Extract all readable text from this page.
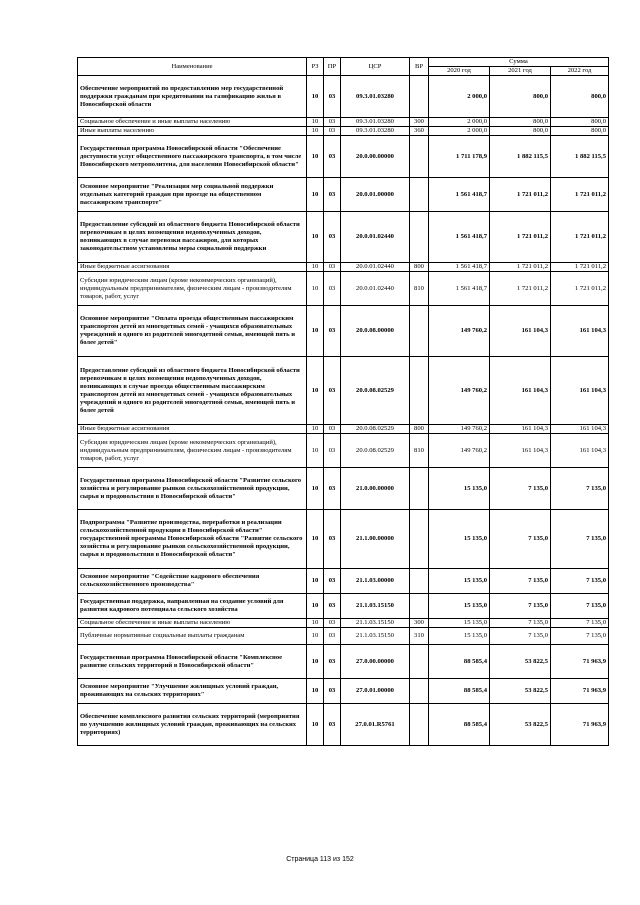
Наименование	РЗ	ПР	ЦСР	ВР	Сумма		
					2020 год	2021 год	2022 год
Обеспечение мероприятий по предоставлению мер государственной поддержки гражданам при кредитовании на газификацию жилья в Новосибирской области	10	03	09.3.01.03280		2 000,0	800,0	800,0
Социальное обеспечение и иные выплаты населению	10	03	09.3.01.03280	300	2 000,0	800,0	800,0
Иные выплаты населению	10	03	09.3.01.03280	360	2 000,0	800,0	800,0
Государственная программа Новосибирской области "Обеспечение доступности услуг общественного пассажирского транспорта, в том числе Новосибирского метрополитена, для населения Новосибирской области"	10	03	20.0.00.00000		1 711 178,9	1 882 115,5	1 882 115,5
Основное мероприятие "Реализация мер социальной поддержки отдельных категорий граждан при проезде на общественном пассажирском транспорте"	10	03	20.0.01.00000		1 561 418,7	1 721 011,2	1 721 011,2
Предоставление субсидий из областного бюджета Новосибирской области перевозчикам в целях возмещения недополученных доходов, возникающих в случае перевозки пассажиров, для которых законодательством установлены меры социальной поддержки	10	03	20.0.01.02440		1 561 418,7	1 721 011,2	1 721 011,2
Иные бюджетные ассигнования	10	03	20.0.01.02440	800	1 561 418,7	1 721 011,2	1 721 011,2
Субсидии юридическим лицам (кроме некоммерческих организаций), индивидуальным предпринимателям, физическим лицам - производителям товаров, работ, услуг	10	03	20.0.01.02440	810	1 561 418,7	1 721 011,2	1 721 011,2
Основное мероприятие "Оплата проезда общественным пассажирским транспортом детей из многодетных семей - учащихся образовательных учреждений и одного из родителей многодетной семьи, имеющей пять и более детей"	10	03	20.0.08.00000		149 760,2	161 104,3	161 104,3
Предоставление субсидий из областного бюджета Новосибирской области перевозчикам в целях возмещения недополученных доходов, возникающих в случае проезда общественным пассажирским транспортом детей из многодетных семей - учащихся образовательных учреждений и одного из родителей многодетной семьи, имеющей пять и более детей	10	03	20.0.08.02529		149 760,2	161 104,3	161 104,3
Иные бюджетные ассигнования	10	03	20.0.08.02529	800	149 760,2	161 104,3	161 104,3
Субсидии юридическим лицам (кроме некоммерческих организаций), индивидуальным предпринимателям, физическим лицам - производителям товаров, работ, услуг	10	03	20.0.08.02529	810	149 760,2	161 104,3	161 104,3
Государственная программа Новосибирской области "Развитие сельского хозяйства и регулирование рынков сельскохозяйственной продукции, сырья и продовольствия в Новосибирской области"	10	03	21.0.00.00000		15 135,0	7 135,0	7 135,0
Подпрограмма "Развитие производства, переработки и реализации сельскохозяйственной продукции в Новосибирской области" государственной программы Новосибирской области "Развитие сельского хозяйства и регулирование рынков сельскохозяйственной продукции, сырья и продовольствия в Новосибирской области"	10	03	21.1.00.00000		15 135,0	7 135,0	7 135,0
Основное мероприятие "Содействие кадрового обеспечения сельскохозяйственного производства"	10	03	21.1.03.00000		15 135,0	7 135,0	7 135,0
Государственная поддержка, направленная на создание условий для развития кадрового потенциала сельского хозяйства	10	03	21.1.03.15150		15 135,0	7 135,0	7 135,0
Социальное обеспечение и иные выплаты населению	10	03	21.1.03.15150	300	15 135,0	7 135,0	7 135,0
Публичные нормативные социальные выплаты гражданам	10	03	21.1.03.15150	310	15 135,0	7 135,0	7 135,0
Государственная программа Новосибирской области "Комплексное развитие сельских территорий в Новосибирской области"	10	03	27.0.00.00000		88 585,4	53 822,5	71 963,9
Основное мероприятие "Улучшение жилищных условий граждан, проживающих на сельских территориях"	10	03	27.0.01.00000		88 585,4	53 822,5	71 963,9
Обеспечение комплексного развития сельских территорий (мероприятия по улучшению жилищных условий граждан, проживающих на сельских территориях)	10	03	27.0.01.R5761		88 585,4	53 822,5	71 963,9
Страница 113 из 152
